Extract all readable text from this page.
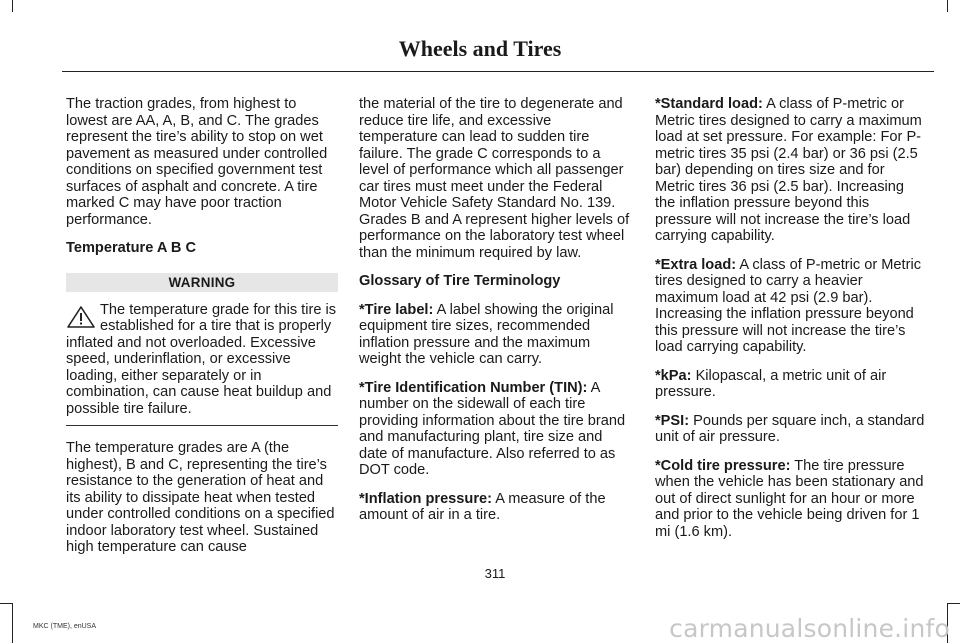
Wheels and Tires

The traction grades, from highest to lowest are AA, A, B, and C. The grades represent the tire’s ability to stop on wet pavement as measured under controlled conditions on specified government test surfaces of asphalt and concrete. A tire marked C may have poor traction performance.

Temperature A B C

WARNING
The temperature grade for this tire is established for a tire that is properly inflated and not overloaded. Excessive speed, underinflation, or excessive loading, either separately or in combination, can cause heat buildup and possible tire failure.

The temperature grades are A (the highest), B and C, representing the tire’s resistance to the generation of heat and its ability to dissipate heat when tested under controlled conditions on a specified indoor laboratory test wheel. Sustained high temperature can cause

the material of the tire to degenerate and reduce tire life, and excessive temperature can lead to sudden tire failure. The grade C corresponds to a level of performance which all passenger car tires must meet under the Federal Motor Vehicle Safety Standard No. 139. Grades B and A represent higher levels of performance on the laboratory test wheel than the minimum required by law.

Glossary of Tire Terminology

*Tire label: A label showing the original equipment tire sizes, recommended inflation pressure and the maximum weight the vehicle can carry.

*Tire Identification Number (TIN): A number on the sidewall of each tire providing information about the tire brand and manufacturing plant, tire size and date of manufacture. Also referred to as DOT code.

*Inflation pressure: A measure of the amount of air in a tire.

*Standard load: A class of P-metric or Metric tires designed to carry a maximum load at set pressure. For example: For P-metric tires 35 psi (2.4 bar) or 36 psi (2.5 bar) depending on tires size and for Metric tires 36 psi (2.5 bar). Increasing the inflation pressure beyond this pressure will not increase the tire’s load carrying capability.

*Extra load: A class of P-metric or Metric tires designed to carry a heavier maximum load at 42 psi (2.9 bar). Increasing the inflation pressure beyond this pressure will not increase the tire’s load carrying capability.

*kPa: Kilopascal, a metric unit of air pressure.

*PSI: Pounds per square inch, a standard unit of air pressure.

*Cold tire pressure: The tire pressure when the vehicle has been stationary and out of direct sunlight for an hour or more and prior to the vehicle being driven for 1 mi (1.6 km).

311
MKC (TME), enUSA	carmanualsonline.info
